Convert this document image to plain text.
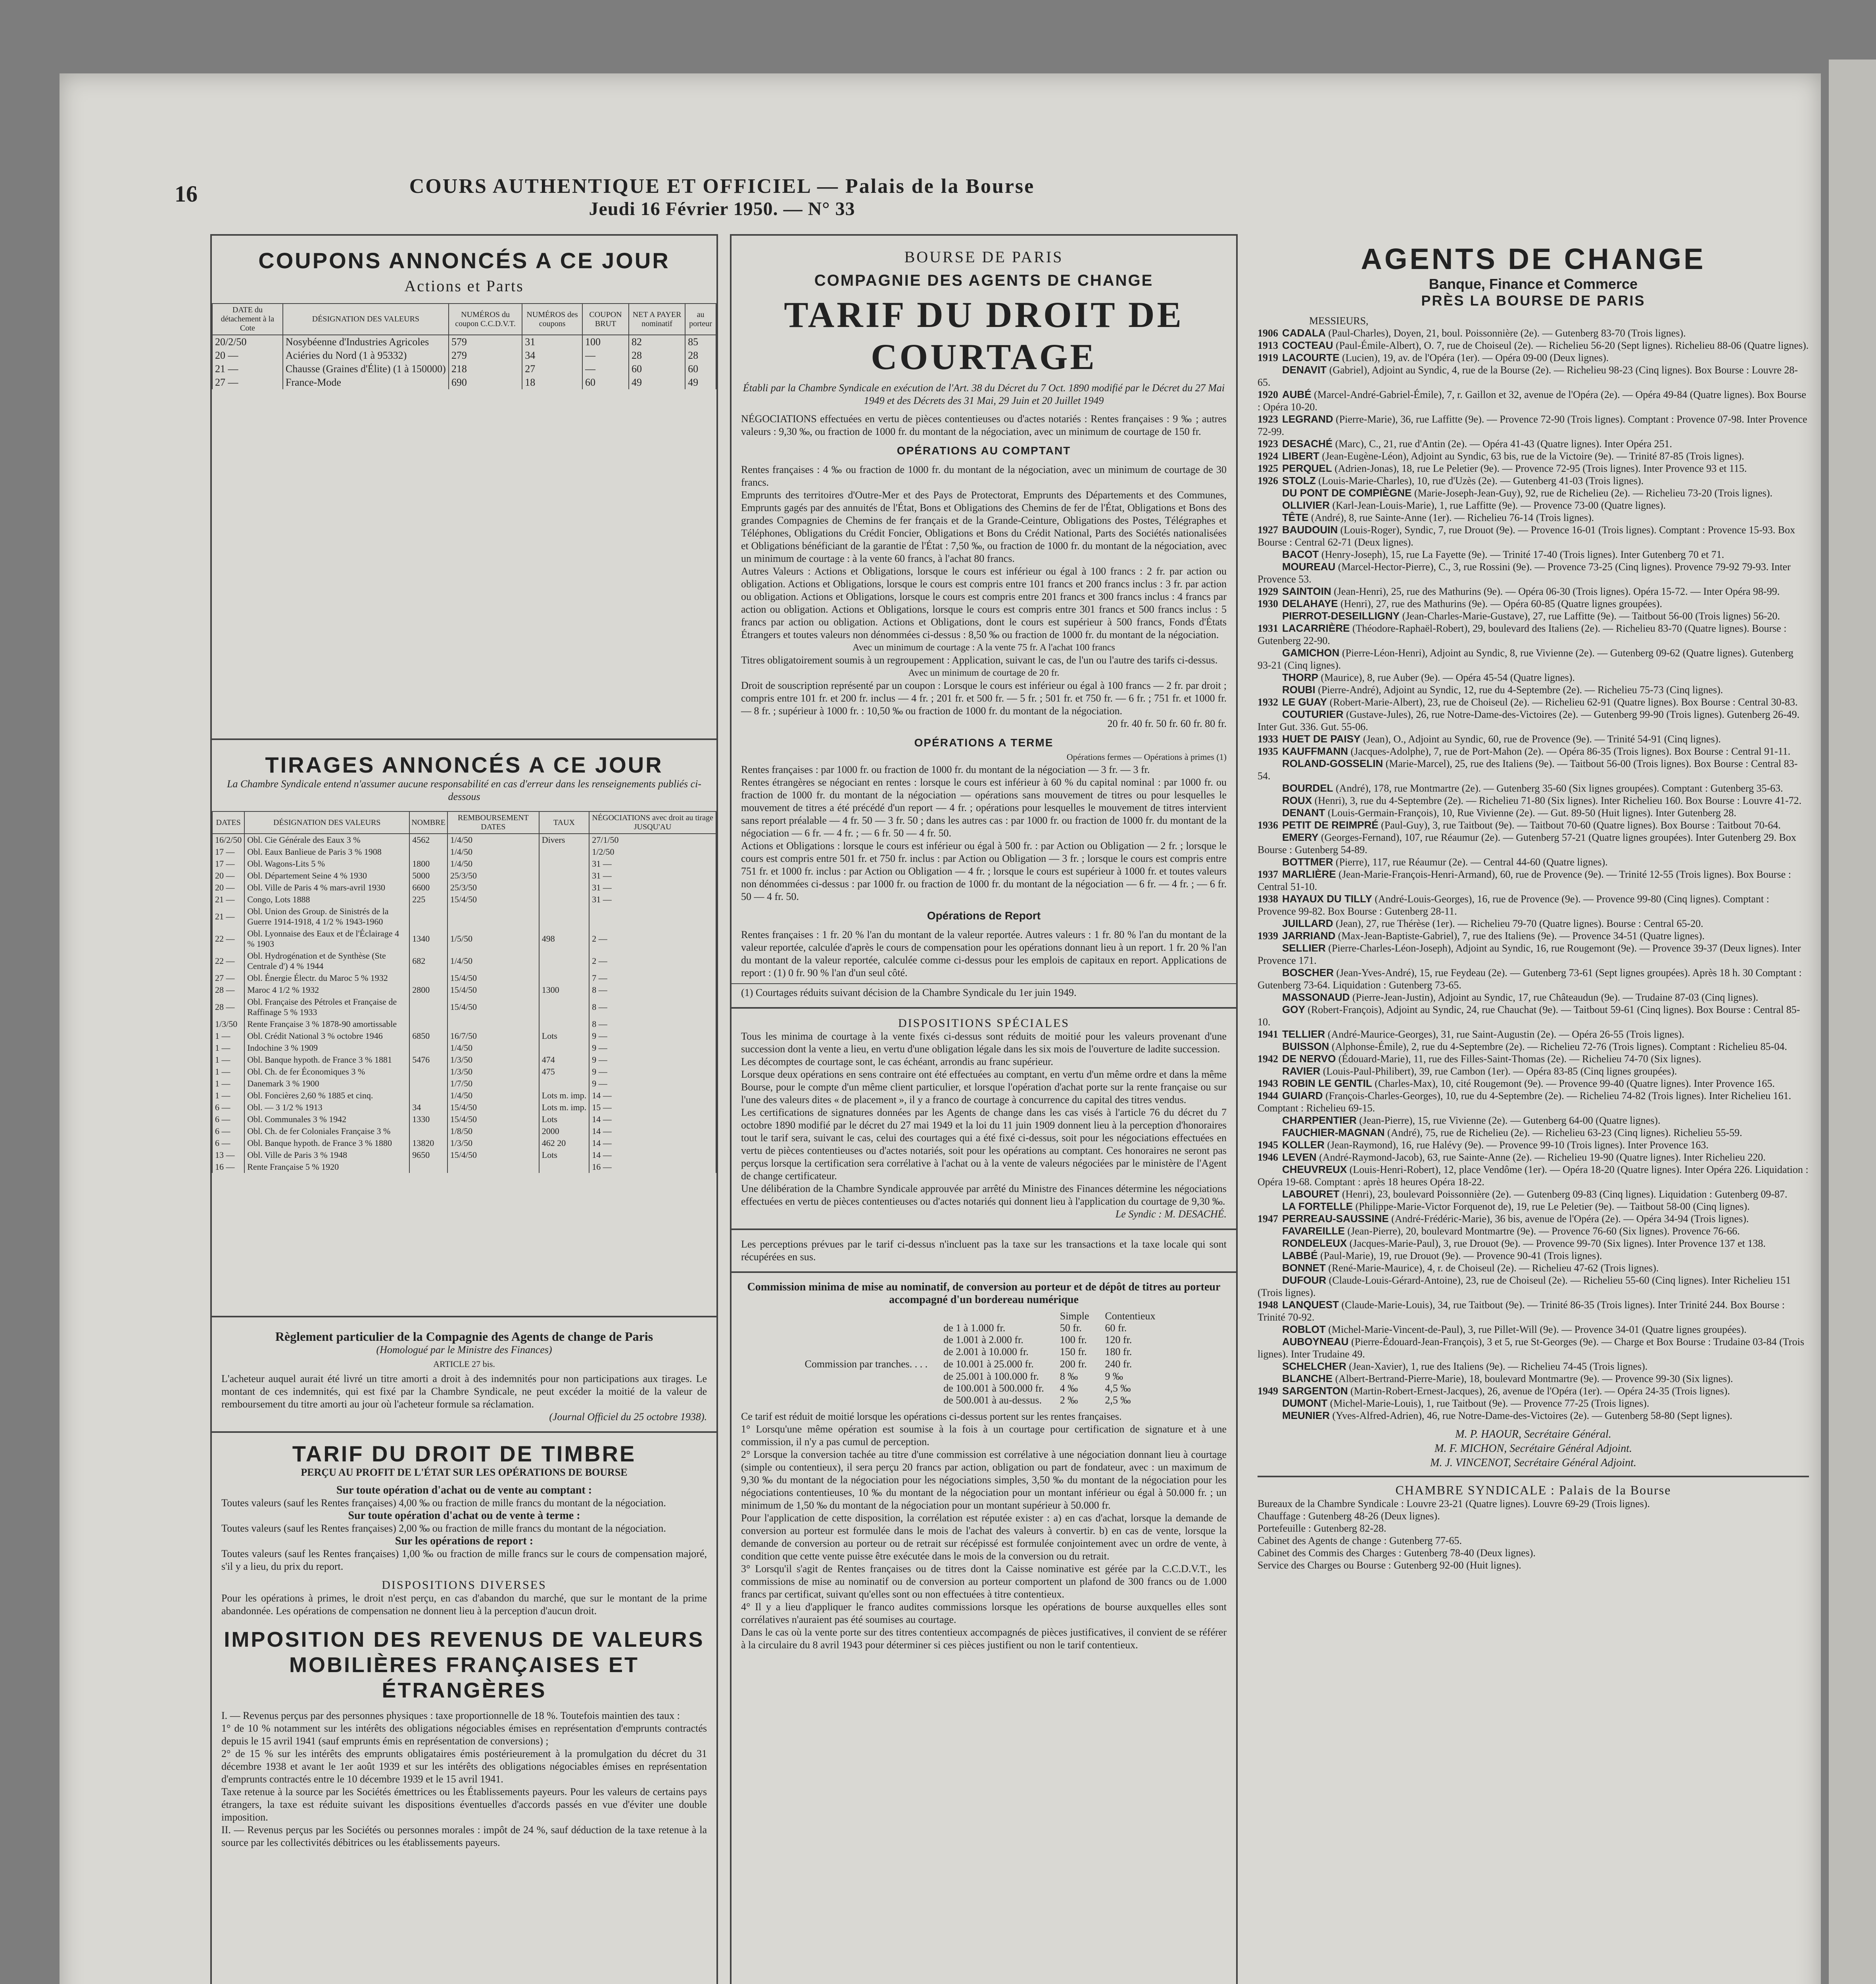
16	COURS AUTHENTIQUE ET OFFICIEL — Palais de la Bourse
Jeudi 16 Février 1950. — N° 33
COUPONS ANNONCÉS A CE JOUR
Actions et Parts
DATE du détachement à la Cote	DÉSIGNATION DES VALEURS	NUMÉROS du coupon C.C.D.V.T.	NUMÉROS des coupons	COUPON BRUT	NET A PAYER nominatif	au porteur
20/2/50	Nosybéenne d'Industries Agricoles	579	31	100	82	85
20 —	Aciéries du Nord (1 à 95332)	279	34	—	28	28
21 —	Chausse (Graines d'Élite) (1 à 150000)	218	27	—	60	60
27 —	France-Mode	690	18	60	49	49
TIRAGES ANNONCÉS A CE JOUR
La Chambre Syndicale entend n'assumer aucune responsabilité en cas d'erreur dans les renseignements publiés ci-dessous
DATES	DÉSIGNATION DES VALEURS	NOMBRE	REMBOURSEMENT DATES	TAUX	NÉGOCIATIONS avec droit au tirage JUSQU'AU
16/2/50	Obl. Cie Générale des Eaux 3 %	4562	1/4/50	Divers	27/1/50
17 —	Obl. Eaux Banlieue de Paris 3 % 1908		1/4/50		1/2/50
17 —	Obl. Wagons-Lits 5 %	1800	1/4/50		31 —
20 —	Obl. Département Seine 4 % 1930	5000	25/3/50		31 —
20 —	Obl. Ville de Paris 4 % mars-avril 1930	6600	25/3/50		31 —
21 —	Congo, Lots 1888	225	15/4/50		31 —
21 —	Obl. Union des Group. de Sinistrés de la Guerre 1914-1918, 4 1/2 % 1943-1960				
22 —	Obl. Lyonnaise des Eaux et de l'Éclairage 4 % 1903	1340	1/5/50	498	2 —
22 —	Obl. Hydrogénation et de Synthèse (Ste Centrale d') 4 % 1944	682	1/4/50		2 —
27 —	Obl. Énergie Électr. du Maroc 5 % 1932		15/4/50		7 —
28 —	Maroc 4 1/2 % 1932	2800	15/4/50	1300	8 —
28 —	Obl. Française des Pétroles et Française de Raffinage 5 % 1933		15/4/50		8 —
1/3/50	Rente Française 3 % 1878-90 amortissable				8 —
1 —	Obl. Crédit National 3 % octobre 1946	6850	16/7/50	Lots	9 —
1 —	Indochine 3 % 1909		1/4/50		9 —
1 —	Obl. Banque hypoth. de France 3 % 1881	5476	1/3/50	474	9 —
1 —	Obl. Ch. de fer Économiques 3 %		1/3/50	475	9 —
1 —	Danemark 3 % 1900		1/7/50		9 —
1 —	Obl. Foncières 2,60 % 1885 et cinq.		1/4/50	Lots m. imp.	14 —
6 —	Obl. — 3 1/2 % 1913	34	15/4/50	Lots m. imp.	15 —
6 —	Obl. Communales 3 % 1942	1330	15/4/50	Lots	14 —
6 —	Obl. Ch. de fer Coloniales Française 3 %		1/8/50	2000	14 —
6 —	Obl. Banque hypoth. de France 3 % 1880	13820	1/3/50	462 20	14 —
13 —	Obl. Ville de Paris 3 % 1948	9650	15/4/50	Lots	14 —
16 —	Rente Française 5 % 1920				16 —
Règlement particulier de la Compagnie des Agents de change de Paris
(Homologué par le Ministre des Finances)
ARTICLE 27 bis.
L'acheteur auquel aurait été livré un titre amorti a droit à des indemnités pour non participations aux tirages. Le montant de ces indemnités, qui est fixé par la Chambre Syndicale, ne peut excéder la moitié de la valeur de remboursement du titre amorti au jour où l'acheteur formule sa réclamation.
(Journal Officiel du 25 octobre 1938).
TARIF DU DROIT DE TIMBRE
PERÇU AU PROFIT DE L'ÉTAT SUR LES OPÉRATIONS DE BOURSE
Sur toute opération d'achat ou de vente au comptant :
Toutes valeurs (sauf les Rentes françaises) 4,00 ‰ ou fraction de mille francs du montant de la négociation.
Sur toute opération d'achat ou de vente à terme :
Toutes valeurs (sauf les Rentes françaises) 2,00 ‰ ou fraction de mille francs du montant de la négociation.
Sur les opérations de report :
Toutes valeurs (sauf les Rentes françaises) 1,00 ‰ ou fraction de mille francs sur le cours de compensation majoré, s'il y a lieu, du prix du report.
DISPOSITIONS DIVERSES
Pour les opérations à primes, le droit n'est perçu, en cas d'abandon du marché, que sur le montant de la prime abandonnée. Les opérations de compensation ne donnent lieu à la perception d'aucun droit.
IMPOSITION DES REVENUS DE VALEURS MOBILIÈRES FRANÇAISES ET ÉTRANGÈRES
I. — Revenus perçus par des personnes physiques : taxe proportionnelle de 18 %. Toutefois maintien des taux :
1° de 10 % notamment sur les intérêts des obligations négociables émises en représentation d'emprunts contractés depuis le 15 avril 1941 (sauf emprunts émis en représentation de conversions) ;
2° de 15 % sur les intérêts des emprunts obligataires émis postérieurement à la promulgation du décret du 31 décembre 1938 et avant le 1er août 1939 et sur les intérêts des obligations négociables émises en représentation d'emprunts contractés entre le 10 décembre 1939 et le 15 avril 1941.
Taxe retenue à la source par les Sociétés émettrices ou les Établissements payeurs. Pour les valeurs de certains pays étrangers, la taxe est réduite suivant les dispositions éventuelles d'accords passés en vue d'éviter une double imposition.
II. — Revenus perçus par les Sociétés ou personnes morales : impôt de 24 %, sauf déduction de la taxe retenue à la source par les collectivités débitrices ou les établissements payeurs.
BOURSE DE PARIS
COMPAGNIE DES AGENTS DE CHANGE
TARIF DU DROIT DE COURTAGE
Établi par la Chambre Syndicale en exécution de l'Art. 38 du Décret du 7 Oct. 1890 modifié par le Décret du 27 Mai 1949 et des Décrets des 31 Mai, 29 Juin et 20 Juillet 1949
NÉGOCIATIONS effectuées en vertu de pièces contentieuses ou d'actes notariés : Rentes françaises : 9 ‰ ; autres valeurs : 9,30 ‰, ou fraction de 1000 fr. du montant de la négociation, avec un minimum de courtage de 150 fr.
OPÉRATIONS AU COMPTANT
Rentes françaises : 4 ‰ ou fraction de 1000 fr. du montant de la négociation, avec un minimum de courtage de 30 francs.
Emprunts des territoires d'Outre-Mer et des Pays de Protectorat, Emprunts des Départements et des Communes, Emprunts gagés par des annuités de l'État, Bons et Obligations des Chemins de fer de l'État, Obligations et Bons des grandes Compagnies de Chemins de fer français et de la Grande-Ceinture, Obligations des Postes, Télégraphes et Téléphones, Obligations du Crédit Foncier, Obligations et Bons du Crédit National, Parts des Sociétés nationalisées et Obligations bénéficiant de la garantie de l'État : 7,50 ‰, ou fraction de 1000 fr. du montant de la négociation, avec un minimum de courtage : à la vente 60 francs, à l'achat 80 francs.
Autres Valeurs : Actions et Obligations, lorsque le cours est inférieur ou égal à 100 francs : 2 fr. par action ou obligation. Actions et Obligations, lorsque le cours est compris entre 101 francs et 200 francs inclus : 3 fr. par action ou obligation. Actions et Obligations, lorsque le cours est compris entre 201 francs et 300 francs inclus : 4 francs par action ou obligation. Actions et Obligations, lorsque le cours est compris entre 301 francs et 500 francs inclus : 5 francs par action ou obligation. Actions et Obligations, dont le cours est supérieur à 500 francs, Fonds d'États Étrangers et toutes valeurs non dénommées ci-dessus : 8,50 ‰ ou fraction de 1000 fr. du montant de la négociation.
Avec un minimum de courtage : A la vente 75 fr. A l'achat 100 francs
Titres obligatoirement soumis à un regroupement : Application, suivant le cas, de l'un ou l'autre des tarifs ci-dessus.
Avec un minimum de courtage de 20 fr.
Droit de souscription représenté par un coupon : Lorsque le cours est inférieur ou égal à 100 francs — 2 fr. par droit ; compris entre 101 fr. et 200 fr. inclus — 4 fr. ; 201 fr. et 500 fr. — 5 fr. ; 501 fr. et 750 fr. — 6 fr. ; 751 fr. et 1000 fr. — 8 fr. ; supérieur à 1000 fr. : 10,50 ‰ ou fraction de 1000 fr. du montant de la négociation.
20 fr. 40 fr. 50 fr. 60 fr. 80 fr.
OPÉRATIONS A TERME
Opérations fermes — Opérations à primes (1)
Rentes françaises : par 1000 fr. ou fraction de 1000 fr. du montant de la négociation — 3 fr. — 3 fr.
Rentes étrangères se négociant en rentes : lorsque le cours est inférieur à 60 % du capital nominal : par 1000 fr. ou fraction de 1000 fr. du montant de la négociation — opérations sans mouvement de titres ou pour lesquelles le mouvement de titres a été précédé d'un report — 4 fr. ; opérations pour lesquelles le mouvement de titres intervient sans report préalable — 4 fr. 50 — 3 fr. 50 ; dans les autres cas : par 1000 fr. ou fraction de 1000 fr. du montant de la négociation — 6 fr. — 4 fr. ; — 6 fr. 50 — 4 fr. 50.
Actions et Obligations : lorsque le cours est inférieur ou égal à 500 fr. : par Action ou Obligation — 2 fr. ; lorsque le cours est compris entre 501 fr. et 750 fr. inclus : par Action ou Obligation — 3 fr. ; lorsque le cours est compris entre 751 fr. et 1000 fr. inclus : par Action ou Obligation — 4 fr. ; lorsque le cours est supérieur à 1000 fr. et toutes valeurs non dénommées ci-dessus : par 1000 fr. ou fraction de 1000 fr. du montant de la négociation — 6 fr. — 4 fr. ; — 6 fr. 50 — 4 fr. 50.
Opérations de Report
Rentes françaises : 1 fr. 20 % l'an du montant de la valeur reportée. Autres valeurs : 1 fr. 80 % l'an du montant de la valeur reportée, calculée d'après le cours de compensation pour les opérations donnant lieu à un report. 1 fr. 20 % l'an du montant de la valeur reportée, calculée comme ci-dessus pour les emplois de capitaux en report. Applications de report : (1) 0 fr. 90 % l'an d'un seul côté.
(1) Courtages réduits suivant décision de la Chambre Syndicale du 1er juin 1949.
DISPOSITIONS SPÉCIALES
Tous les minima de courtage à la vente fixés ci-dessus sont réduits de moitié pour les valeurs provenant d'une succession dont la vente a lieu, en vertu d'une obligation légale dans les six mois de l'ouverture de ladite succession.
Les décomptes de courtage sont, le cas échéant, arrondis au franc supérieur.
Lorsque deux opérations en sens contraire ont été effectuées au comptant, en vertu d'un même ordre et dans la même Bourse, pour le compte d'un même client particulier, et lorsque l'opération d'achat porte sur la rente française ou sur l'une des valeurs dites « de placement », il y a franco de courtage à concurrence du capital des titres vendus.
Les certifications de signatures données par les Agents de change dans les cas visés à l'article 76 du décret du 7 octobre 1890 modifié par le décret du 27 mai 1949 et la loi du 11 juin 1909 donnent lieu à la perception d'honoraires tout le tarif sera, suivant le cas, celui des courtages qui a été fixé ci-dessus, soit pour les négociations effectuées en vertu de pièces contentieuses ou d'actes notariés, soit pour les opérations au comptant. Ces honoraires ne seront pas perçus lorsque la certification sera corrélative à l'achat ou à la vente de valeurs négociées par le ministère de l'Agent de change certificateur.
Une délibération de la Chambre Syndicale approuvée par arrêté du Ministre des Finances détermine les négociations effectuées en vertu de pièces contentieuses ou d'actes notariés qui donnent lieu à l'application du courtage de 9,30 ‰.
Le Syndic : M. DESACHÉ.
Les perceptions prévues par le tarif ci-dessus n'incluent pas la taxe sur les transactions et la taxe locale qui sont récupérées en sus.
Commission minima de mise au nominatif, de conversion au porteur et de dépôt de titres au porteur accompagné d'un bordereau numérique
		Simple	Contentieux
	de 1 à 1.000 fr.	50 fr.	60 fr.
	de 1.001 à 2.000 fr.	100 fr.	120 fr.
	de 2.001 à 10.000 fr.	150 fr.	180 fr.
Commission par tranches. . . .	de 10.001 à 25.000 fr.	200 fr.	240 fr.
	de 25.001 à 100.000 fr.	8 ‰	9 ‰
	de 100.001 à 500.000 fr.	4 ‰	4,5 ‰
	de 500.001 à au-dessus.	2 ‰	2,5 ‰
Ce tarif est réduit de moitié lorsque les opérations ci-dessus portent sur les rentes françaises.
1° Lorsqu'une même opération est soumise à la fois à un courtage pour certification de signature et à une commission, il n'y a pas cumul de perception.
2° Lorsque la conversion tachée au titre d'une commission est corrélative à une négociation donnant lieu à courtage (simple ou contentieux), il sera perçu 20 francs par action, obligation ou part de fondateur, avec : un maximum de 9,30 ‰ du montant de la négociation pour les négociations simples, 3,50 ‰ du montant de la négociation pour les négociations contentieuses, 10 ‰ du montant de la négociation pour un montant inférieur ou égal à 50.000 fr. ; un minimum de 1,50 ‰ du montant de la négociation pour un montant supérieur à 50.000 fr.
Pour l'application de cette disposition, la corrélation est réputée exister : a) en cas d'achat, lorsque la demande de conversion au porteur est formulée dans le mois de l'achat des valeurs à convertir. b) en cas de vente, lorsque la demande de conversion au porteur ou de retrait sur récépissé est formulée conjointement avec un ordre de vente, à condition que cette vente puisse être exécutée dans le mois de la conversion ou du retrait.
3° Lorsqu'il s'agit de Rentes françaises ou de titres dont la Caisse nominative est gérée par la C.C.D.V.T., les commissions de mise au nominatif ou de conversion au porteur comportent un plafond de 300 francs ou de 1.000 francs par certificat, suivant qu'elles sont ou non effectuées à titre contentieux.
4° Il y a lieu d'appliquer le franco audites commissions lorsque les opérations de bourse auxquelles elles sont corrélatives n'auraient pas été soumises au courtage.
Dans le cas où la vente porte sur des titres contentieux accompagnés de pièces justificatives, il convient de se référer à la circulaire du 8 avril 1943 pour déterminer si ces pièces justifient ou non le tarif contentieux.
AGENTS DE CHANGE
Banque, Finance et Commerce
PRÈS LA BOURSE DE PARIS
MESSIEURS,
1906 CADALA (Paul-Charles), Doyen, 21, boul. Poissonnière (2e). — Gutenberg 83-70 (Trois lignes).
1913 COCTEAU (Paul-Émile-Albert), O. 7, rue de Choiseul (2e). — Richelieu 56-20 (Sept lignes). Richelieu 88-06 (Quatre lignes).
1919 LACOURTE (Lucien), 19, av. de l'Opéra (1er). — Opéra 09-00 (Deux lignes).
DENAVIT (Gabriel), Adjoint au Syndic, 4, rue de la Bourse (2e). — Richelieu 98-23 (Cinq lignes). Box Bourse : Louvre 28-65.
1920 AUBÉ (Marcel-André-Gabriel-Émile), 7, r. Gaillon et 32, avenue de l'Opéra (2e). — Opéra 49-84 (Quatre lignes). Box Bourse : Opéra 10-20.
1923 LEGRAND (Pierre-Marie), 36, rue Laffitte (9e). — Provence 72-90 (Trois lignes). Comptant : Provence 07-98. Inter Provence 72-99.
1923 DESACHÉ (Marc), C., 21, rue d'Antin (2e). — Opéra 41-43 (Quatre lignes). Inter Opéra 251.
1924 LIBERT (Jean-Eugène-Léon), Adjoint au Syndic, 63 bis, rue de la Victoire (9e). — Trinité 87-85 (Trois lignes).
1925 PERQUEL (Adrien-Jonas), 18, rue Le Peletier (9e). — Provence 72-95 (Trois lignes). Inter Provence 93 et 115.
1926 STOLZ (Louis-Marie-Charles), 10, rue d'Uzès (2e). — Gutenberg 41-03 (Trois lignes).
DU PONT DE COMPIÈGNE (Marie-Joseph-Jean-Guy), 92, rue de Richelieu (2e). — Richelieu 73-20 (Trois lignes).
OLLIVIER (Karl-Jean-Louis-Marie), 1, rue Laffitte (9e). — Provence 73-00 (Quatre lignes).
TÊTE (André), 8, rue Sainte-Anne (1er). — Richelieu 76-14 (Trois lignes).
1927 BAUDOUIN (Louis-Roger), Syndic, 7, rue Drouot (9e). — Provence 16-01 (Trois lignes). Comptant : Provence 15-93. Box Bourse : Central 62-71 (Deux lignes).
BACOT (Henry-Joseph), 15, rue La Fayette (9e). — Trinité 17-40 (Trois lignes). Inter Gutenberg 70 et 71.
MOUREAU (Marcel-Hector-Pierre), C., 3, rue Rossini (9e). — Provence 73-25 (Cinq lignes). Provence 79-92 79-93. Inter Provence 53.
1929 SAINTOIN (Jean-Henri), 25, rue des Mathurins (9e). — Opéra 06-30 (Trois lignes). Opéra 15-72. — Inter Opéra 98-99.
1930 DELAHAYE (Henri), 27, rue des Mathurins (9e). — Opéra 60-85 (Quatre lignes groupées).
PIERROT-DESEILLIGNY (Jean-Charles-Marie-Gustave), 27, rue Laffitte (9e). — Taitbout 56-00 (Trois lignes) 56-20.
1931 LACARRIÈRE (Théodore-Raphaël-Robert), 29, boulevard des Italiens (2e). — Richelieu 83-70 (Quatre lignes). Bourse : Gutenberg 22-90.
GAMICHON (Pierre-Léon-Henri), Adjoint au Syndic, 8, rue Vivienne (2e). — Gutenberg 09-62 (Quatre lignes). Gutenberg 93-21 (Cinq lignes).
THORP (Maurice), 8, rue Auber (9e). — Opéra 45-54 (Quatre lignes).
ROUBI (Pierre-André), Adjoint au Syndic, 12, rue du 4-Septembre (2e). — Richelieu 75-73 (Cinq lignes).
1932 LE GUAY (Robert-Marie-Albert), 23, rue de Choiseul (2e). — Richelieu 62-91 (Quatre lignes). Box Bourse : Central 30-83.
COUTURIER (Gustave-Jules), 26, rue Notre-Dame-des-Victoires (2e). — Gutenberg 99-90 (Trois lignes). Gutenberg 26-49. Inter Gut. 336. Gut. 55-06.
1933 HUET DE PAISY (Jean), O., Adjoint au Syndic, 60, rue de Provence (9e). — Trinité 54-91 (Cinq lignes).
1935 KAUFFMANN (Jacques-Adolphe), 7, rue de Port-Mahon (2e). — Opéra 86-35 (Trois lignes). Box Bourse : Central 91-11.
ROLAND-GOSSELIN (Marie-Marcel), 25, rue des Italiens (9e). — Taitbout 56-00 (Trois lignes). Box Bourse : Central 83-54.
BOURDEL (André), 178, rue Montmartre (2e). — Gutenberg 35-60 (Six lignes groupées). Comptant : Gutenberg 35-63.
ROUX (Henri), 3, rue du 4-Septembre (2e). — Richelieu 71-80 (Six lignes). Inter Richelieu 160. Box Bourse : Louvre 41-72.
DENANT (Louis-Germain-François), 10, Rue Vivienne (2e). — Gut. 89-50 (Huit lignes). Inter Gutenberg 28.
1936 PETIT DE REIMPRÉ (Paul-Guy), 3, rue Taitbout (9e). — Taitbout 70-60 (Quatre lignes). Box Bourse : Taitbout 70-64.
EMERY (Georges-Fernand), 107, rue Réaumur (2e). — Gutenberg 57-21 (Quatre lignes groupées). Inter Gutenberg 29. Box Bourse : Gutenberg 54-89.
BOTTMER (Pierre), 117, rue Réaumur (2e). — Central 44-60 (Quatre lignes).
1937 MARLIÈRE (Jean-Marie-François-Henri-Armand), 60, rue de Provence (9e). — Trinité 12-55 (Trois lignes). Box Bourse : Central 51-10.
1938 HAYAUX DU TILLY (André-Louis-Georges), 16, rue de Provence (9e). — Provence 99-80 (Cinq lignes). Comptant : Provence 99-82. Box Bourse : Gutenberg 28-11.
JUILLARD (Jean), 27, rue Thérèse (1er). — Richelieu 79-70 (Quatre lignes). Bourse : Central 65-20.
1939 JARRIAND (Max-Jean-Baptiste-Gabriel), 7, rue des Italiens (9e). — Provence 34-51 (Quatre lignes).
SELLIER (Pierre-Charles-Léon-Joseph), Adjoint au Syndic, 16, rue Rougemont (9e). — Provence 39-37 (Deux lignes). Inter Provence 171.
BOSCHER (Jean-Yves-André), 15, rue Feydeau (2e). — Gutenberg 73-61 (Sept lignes groupées). Après 18 h. 30 Comptant : Gutenberg 73-64. Liquidation : Gutenberg 73-65.
MASSONAUD (Pierre-Jean-Justin), Adjoint au Syndic, 17, rue Châteaudun (9e). — Trudaine 87-03 (Cinq lignes).
GOY (Robert-François), Adjoint au Syndic, 24, rue Chauchat (9e). — Taitbout 59-61 (Cinq lignes). Box Bourse : Central 85-10.
1941 TELLIER (André-Maurice-Georges), 31, rue Saint-Augustin (2e). — Opéra 26-55 (Trois lignes).
BUISSON (Alphonse-Émile), 2, rue du 4-Septembre (2e). — Richelieu 72-76 (Trois lignes). Comptant : Richelieu 85-04.
1942 DE NERVO (Édouard-Marie), 11, rue des Filles-Saint-Thomas (2e). — Richelieu 74-70 (Six lignes).
RAVIER (Louis-Paul-Philibert), 39, rue Cambon (1er). — Opéra 83-85 (Cinq lignes groupées).
1943 ROBIN LE GENTIL (Charles-Max), 10, cité Rougemont (9e). — Provence 99-40 (Quatre lignes). Inter Provence 165.
1944 GUIARD (François-Charles-Georges), 10, rue du 4-Septembre (2e). — Richelieu 74-82 (Trois lignes). Inter Richelieu 161. Comptant : Richelieu 69-15.
CHARPENTIER (Jean-Pierre), 15, rue Vivienne (2e). — Gutenberg 64-00 (Quatre lignes).
FAUCHIER-MAGNAN (André), 75, rue de Richelieu (2e). — Richelieu 63-23 (Cinq lignes). Richelieu 55-59.
1945 KOLLER (Jean-Raymond), 16, rue Halévy (9e). — Provence 99-10 (Trois lignes). Inter Provence 163.
1946 LEVEN (André-Raymond-Jacob), 63, rue Sainte-Anne (2e). — Richelieu 19-90 (Quatre lignes). Inter Richelieu 220.
CHEUVREUX (Louis-Henri-Robert), 12, place Vendôme (1er). — Opéra 18-20 (Quatre lignes). Inter Opéra 226. Liquidation : Opéra 19-68. Comptant : après 18 heures Opéra 18-22.
LABOURET (Henri), 23, boulevard Poissonnière (2e). — Gutenberg 09-83 (Cinq lignes). Liquidation : Gutenberg 09-87.
LA FORTELLE (Philippe-Marie-Victor Forquenot de), 19, rue Le Peletier (9e). — Taitbout 58-00 (Cinq lignes).
1947 PERREAU-SAUSSINE (André-Frédéric-Marie), 36 bis, avenue de l'Opéra (2e). — Opéra 34-94 (Trois lignes).
FAVAREILLE (Jean-Pierre), 20, boulevard Montmartre (9e). — Provence 76-60 (Six lignes). Provence 76-66.
RONDELEUX (Jacques-Marie-Paul), 3, rue Drouot (9e). — Provence 99-70 (Six lignes). Inter Provence 137 et 138.
LABBÉ (Paul-Marie), 19, rue Drouot (9e). — Provence 90-41 (Trois lignes).
BONNET (René-Marie-Maurice), 4, r. de Choiseul (2e). — Richelieu 47-62 (Trois lignes).
DUFOUR (Claude-Louis-Gérard-Antoine), 23, rue de Choiseul (2e). — Richelieu 55-60 (Cinq lignes). Inter Richelieu 151 (Trois lignes).
1948 LANQUEST (Claude-Marie-Louis), 34, rue Taitbout (9e). — Trinité 86-35 (Trois lignes). Inter Trinité 244. Box Bourse : Trinité 70-92.
ROBLOT (Michel-Marie-Vincent-de-Paul), 3, rue Pillet-Will (9e). — Provence 34-01 (Quatre lignes groupées).
AUBOYNEAU (Pierre-Édouard-Jean-François), 3 et 5, rue St-Georges (9e). — Charge et Box Bourse : Trudaine 03-84 (Trois lignes). Inter Trudaine 49.
SCHELCHER (Jean-Xavier), 1, rue des Italiens (9e). — Richelieu 74-45 (Trois lignes).
BLANCHE (Albert-Bertrand-Pierre-Marie), 18, boulevard Montmartre (9e). — Provence 99-30 (Six lignes).
1949 SARGENTON (Martin-Robert-Ernest-Jacques), 26, avenue de l'Opéra (1er). — Opéra 24-35 (Trois lignes).
DUMONT (Michel-Marie-Louis), 1, rue Taitbout (9e). — Provence 77-25 (Trois lignes).
MEUNIER (Yves-Alfred-Adrien), 46, rue Notre-Dame-des-Victoires (2e). — Gutenberg 58-80 (Sept lignes).
M. P. HAOUR, Secrétaire Général.
M. F. MICHON, Secrétaire Général Adjoint.
M. J. VINCENOT, Secrétaire Général Adjoint.
CHAMBRE SYNDICALE : Palais de la Bourse
Bureaux de la Chambre Syndicale : Louvre 23-21 (Quatre lignes). Louvre 69-29 (Trois lignes).
Chauffage : Gutenberg 48-26 (Deux lignes).
Portefeuille : Gutenberg 82-28.
Cabinet des Agents de change : Gutenberg 77-65.
Cabinet des Commis des Charges : Gutenberg 78-40 (Deux lignes).
Service des Charges ou Bourse : Gutenberg 92-00 (Huit lignes).
